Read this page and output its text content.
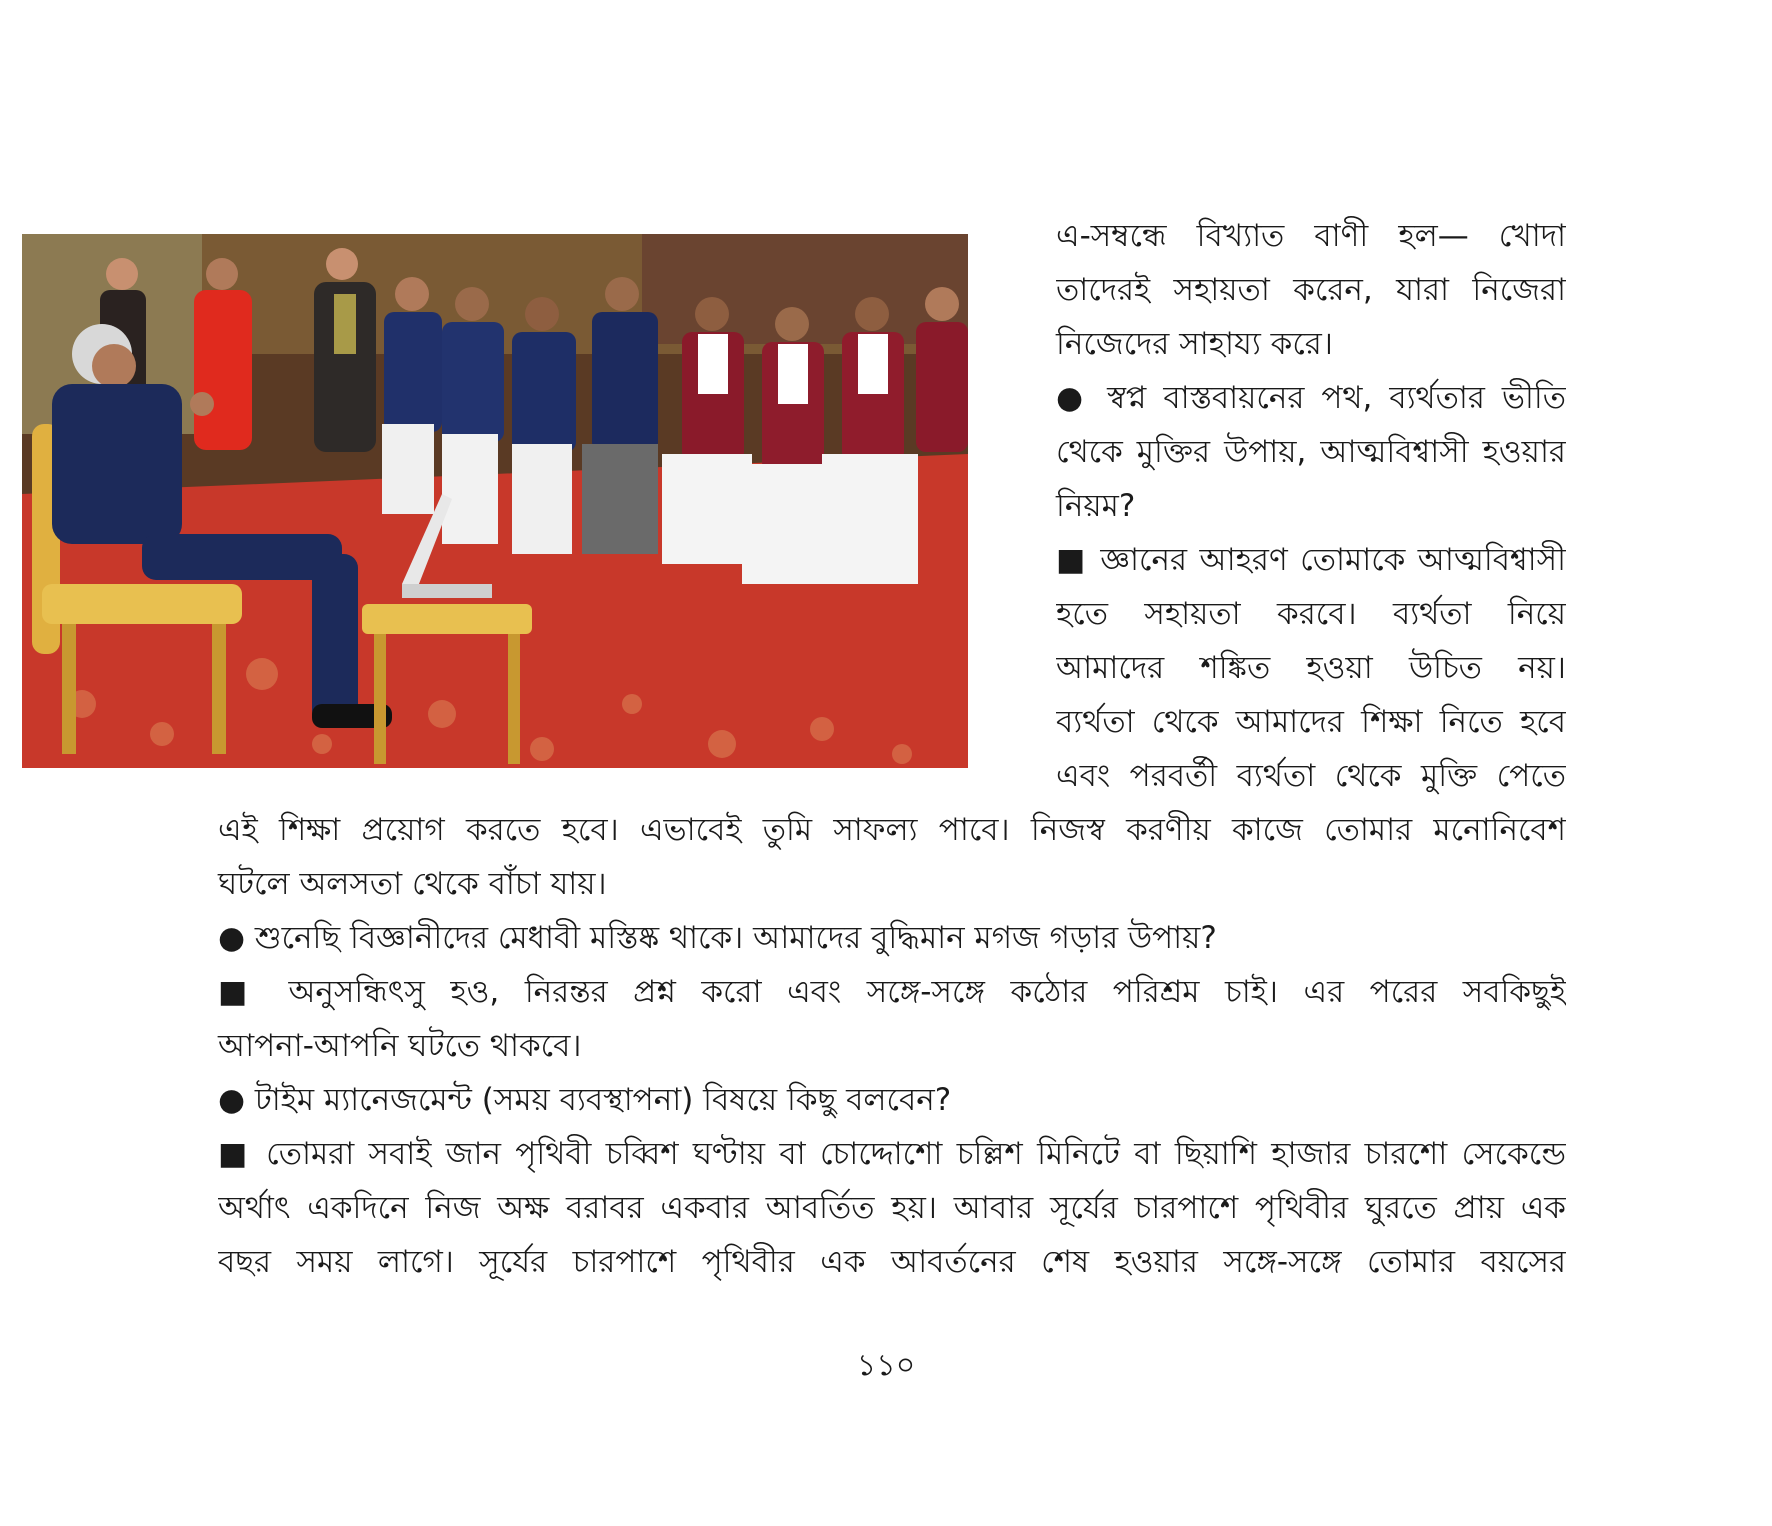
এ-সম্বন্ধে বিখ্যাত বাণী হল— খোদা

তাদেরই সহায়তা করেন, যারা নিজেরা

নিজেদের সাহায্য করে।

● স্বপ্ন বাস্তবায়নের পথ, ব্যর্থতার ভীতি

থেকে মুক্তির উপায়, আত্মবিশ্বাসী হওয়ার

নিয়ম?

■ জ্ঞানের আহরণ তোমাকে আত্মবিশ্বাসী

হতে সহায়তা করবে। ব্যর্থতা নিয়ে

আমাদের শঙ্কিত হওয়া উচিত নয়।

ব্যর্থতা থেকে আমাদের শিক্ষা নিতে হবে

এবং পরবর্তী ব্যর্থতা থেকে মুক্তি পেতে

এই শিক্ষা প্রয়োগ করতে হবে। এভাবেই তুমি সাফল্য পাবে। নিজস্ব করণীয় কাজে তোমার মনোনিবেশ

ঘটলে অলসতা থেকে বাঁচা যায়।

● শুনেছি বিজ্ঞানীদের মেধাবী মস্তিষ্ক থাকে। আমাদের বুদ্ধিমান মগজ গড়ার উপায়?

■ অনুসন্ধিৎসু হও, নিরন্তর প্রশ্ন করো এবং সঙ্গে-সঙ্গে কঠোর পরিশ্রম চাই। এর পরের সবকিছুই

আপনা-আপনি ঘটতে থাকবে।

● টাইম ম্যানেজমেন্ট (সময় ব্যবস্থাপনা) বিষয়ে কিছু বলবেন?

■ তোমরা সবাই জান পৃথিবী চব্বিশ ঘণ্টায় বা চোদ্দোশো চল্লিশ মিনিটে বা ছিয়াশি হাজার চারশো সেকেন্ডে

অর্থাৎ একদিনে নিজ অক্ষ বরাবর একবার আবর্তিত হয়। আবার সূর্যের চারপাশে পৃথিবীর ঘুরতে প্রায় এক

বছর সময় লাগে। সূর্যের চারপাশে পৃথিবীর এক আবর্তনের শেষ হওয়ার সঙ্গে-সঙ্গে তোমার বয়সের

১১০
